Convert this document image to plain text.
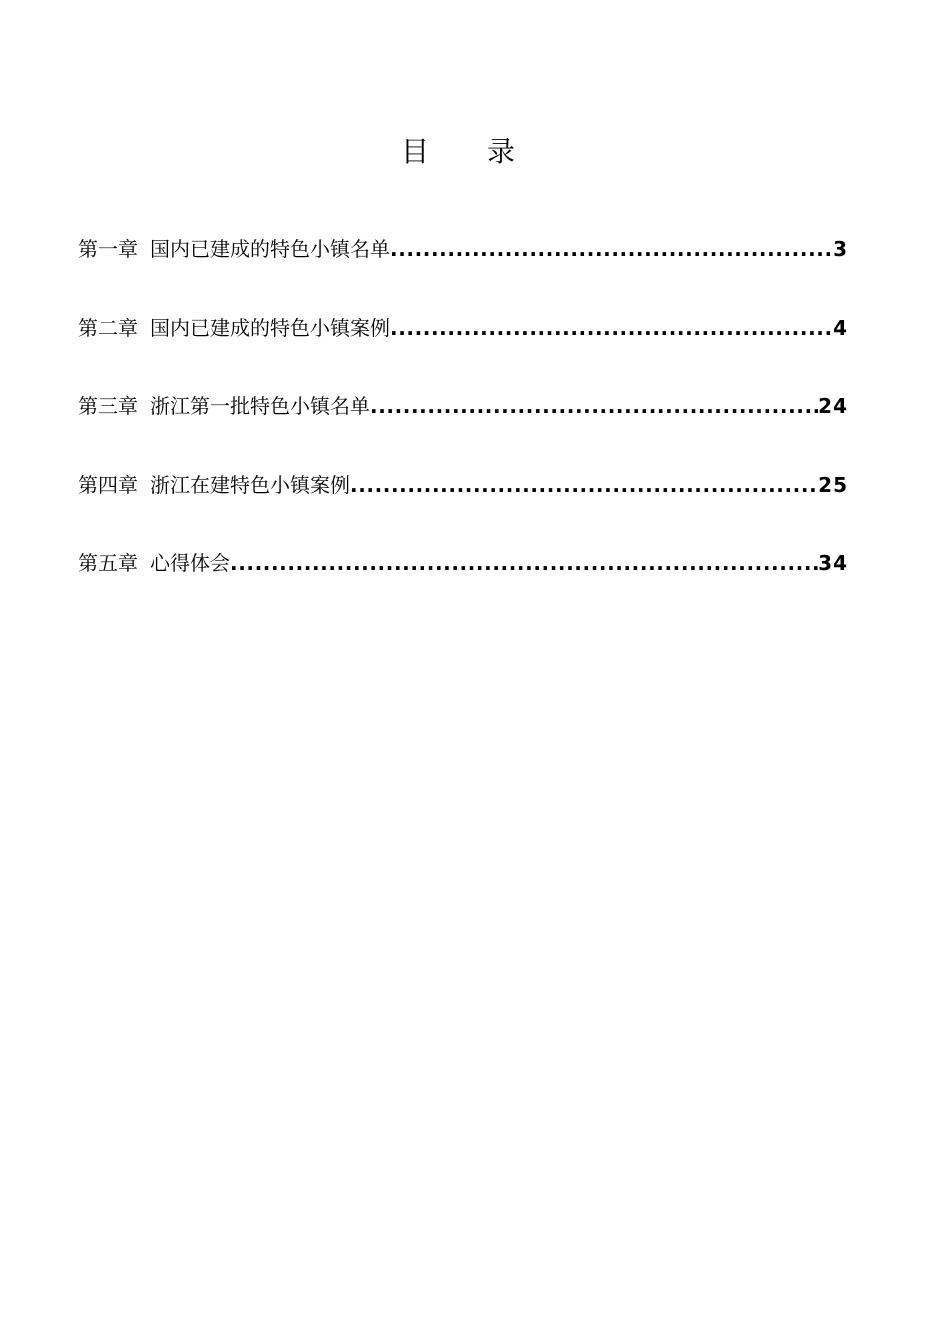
目录
第一章 国内已建成的特色小镇名单 .....	3
第二章 国内已建成的特色小镇案例 .....	4
第三章 浙江第一批特色小镇名单 .....	24
第四章 浙江在建特色小镇案例 .....	25
第五章 心得体会 .....	34
